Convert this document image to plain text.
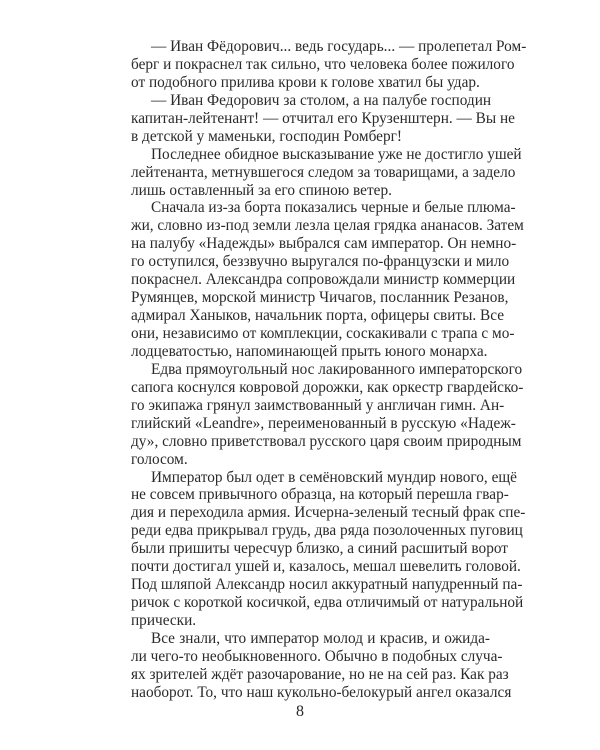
— Иван Фёдорович... ведь государь... — пролепетал Ром-
берг и покраснел так сильно, что человека более пожилого
от подобного прилива крови к голове хватил бы удар.
— Иван Федорович за столом, а на палубе господин
капитан-лейтенант! — отчитал его Крузенштерн. — Вы не
в детской у маменьки, господин Ромберг!
Последнее обидное высказывание уже не достигло ушей
лейтенанта, метнувшегося следом за товарищами, а задело
лишь оставленный за его спиною ветер.
Сначала из-за борта показались черные и белые плюма-
жи, словно из-под земли лезла целая грядка ананасов. Затем
на палубу «Надежды» выбрался сам император. Он немно-
го оступился, беззвучно выругался по-французски и мило
покраснел. Александра сопровождали министр коммерции
Румянцев, морской министр Чичагов, посланник Резанов,
адмирал Ханыков, начальник порта, офицеры свиты. Все
они, независимо от комплекции, соскакивали с трапа с мо-
лодцеватостью, напоминающей прыть юного монарха.
Едва прямоугольный нос лакированного императорского
сапога коснулся ковровой дорожки, как оркестр гвардейско-
го экипажа грянул заимствованный у англичан гимн. Ан-
глийский «Leandre», переименованный в русскую «Надеж-
ду», словно приветствовал русского царя своим природным
голосом.
Император был одет в семёновский мундир нового, ещё
не совсем привычного образца, на который перешла гвар-
дия и переходила армия. Исчерна-зеленый тесный фрак спе-
реди едва прикрывал грудь, два ряда позолоченных пуговиц
были пришиты чересчур близко, а синий расшитый ворот
почти достигал ушей и, казалось, мешал шевелить головой.
Под шляпой Александр носил аккуратный напудренный па-
ричок с короткой косичкой, едва отличимый от натуральной
прически.
Все знали, что император молод и красив, и ожида-
ли чего-то необыкновенного. Обычно в подобных случа-
ях зрителей ждёт разочарование, но не на сей раз. Как раз
наоборот. То, что наш кукольно-белокурый ангел оказался
8
